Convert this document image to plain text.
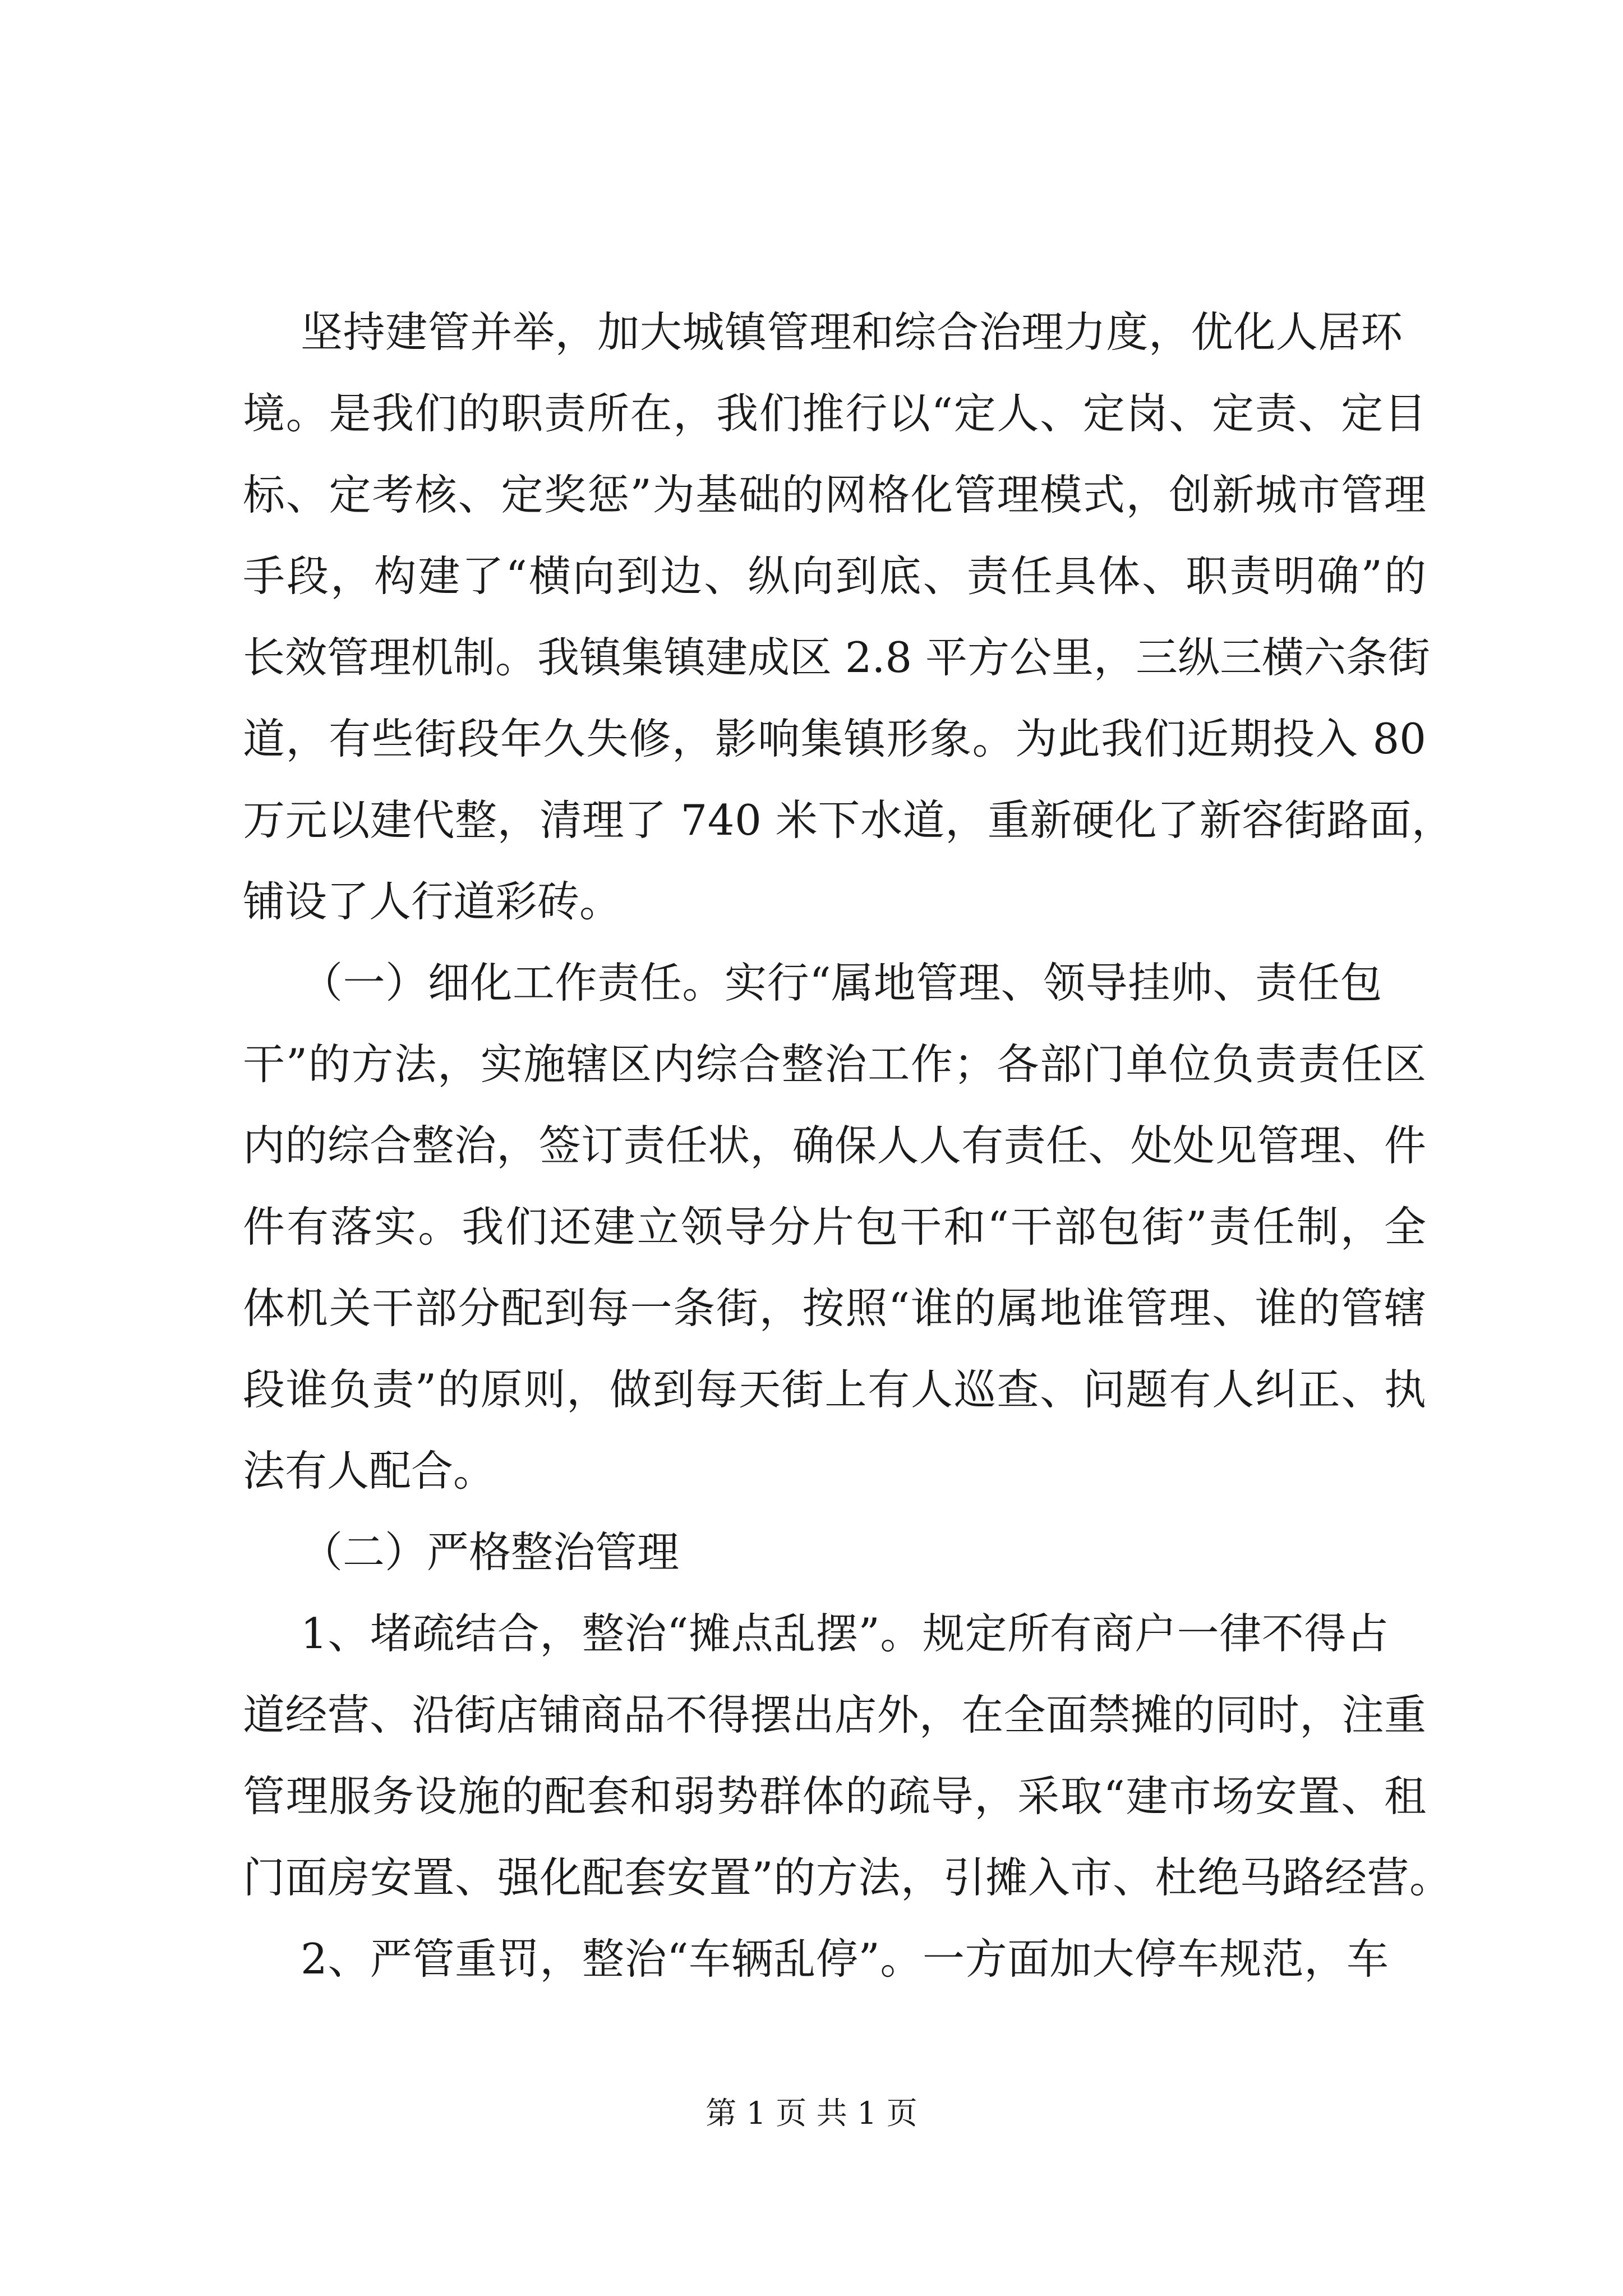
坚持建管并举，加大城镇管理和综合治理力度，优化人居环
境。是我们的职责所在，我们推行以“定人、定岗、定责、定目
标、定考核、定奖惩”为基础的网格化管理模式，创新城市管理
手段，构建了“横向到边、纵向到底、责任具体、职责明确”的
长效管理机制。我镇集镇建成区 2.8 平方公里，三纵三横六条街
道，有些街段年久失修，影响集镇形象。为此我们近期投入 80
万元以建代整，清理了 740 米下水道，重新硬化了新容街路面，
铺设了人行道彩砖。
（一）细化工作责任。实行“属地管理、领导挂帅、责任包
干”的方法，实施辖区内综合整治工作；各部门单位负责责任区
内的综合整治，签订责任状，确保人人有责任、处处见管理、件
件有落实。我们还建立领导分片包干和“干部包街”责任制，全
体机关干部分配到每一条街，按照“谁的属地谁管理、谁的管辖
段谁负责”的原则，做到每天街上有人巡查、问题有人纠正、执
法有人配合。
（二）严格整治管理
1、堵疏结合，整治“摊点乱摆”。规定所有商户一律不得占
道经营、沿街店铺商品不得摆出店外，在全面禁摊的同时，注重
管理服务设施的配套和弱势群体的疏导，采取“建市场安置、租
门面房安置、强化配套安置”的方法，引摊入市、杜绝马路经营。
2、严管重罚，整治“车辆乱停”。一方面加大停车规范，车
第 1 页 共 1 页
